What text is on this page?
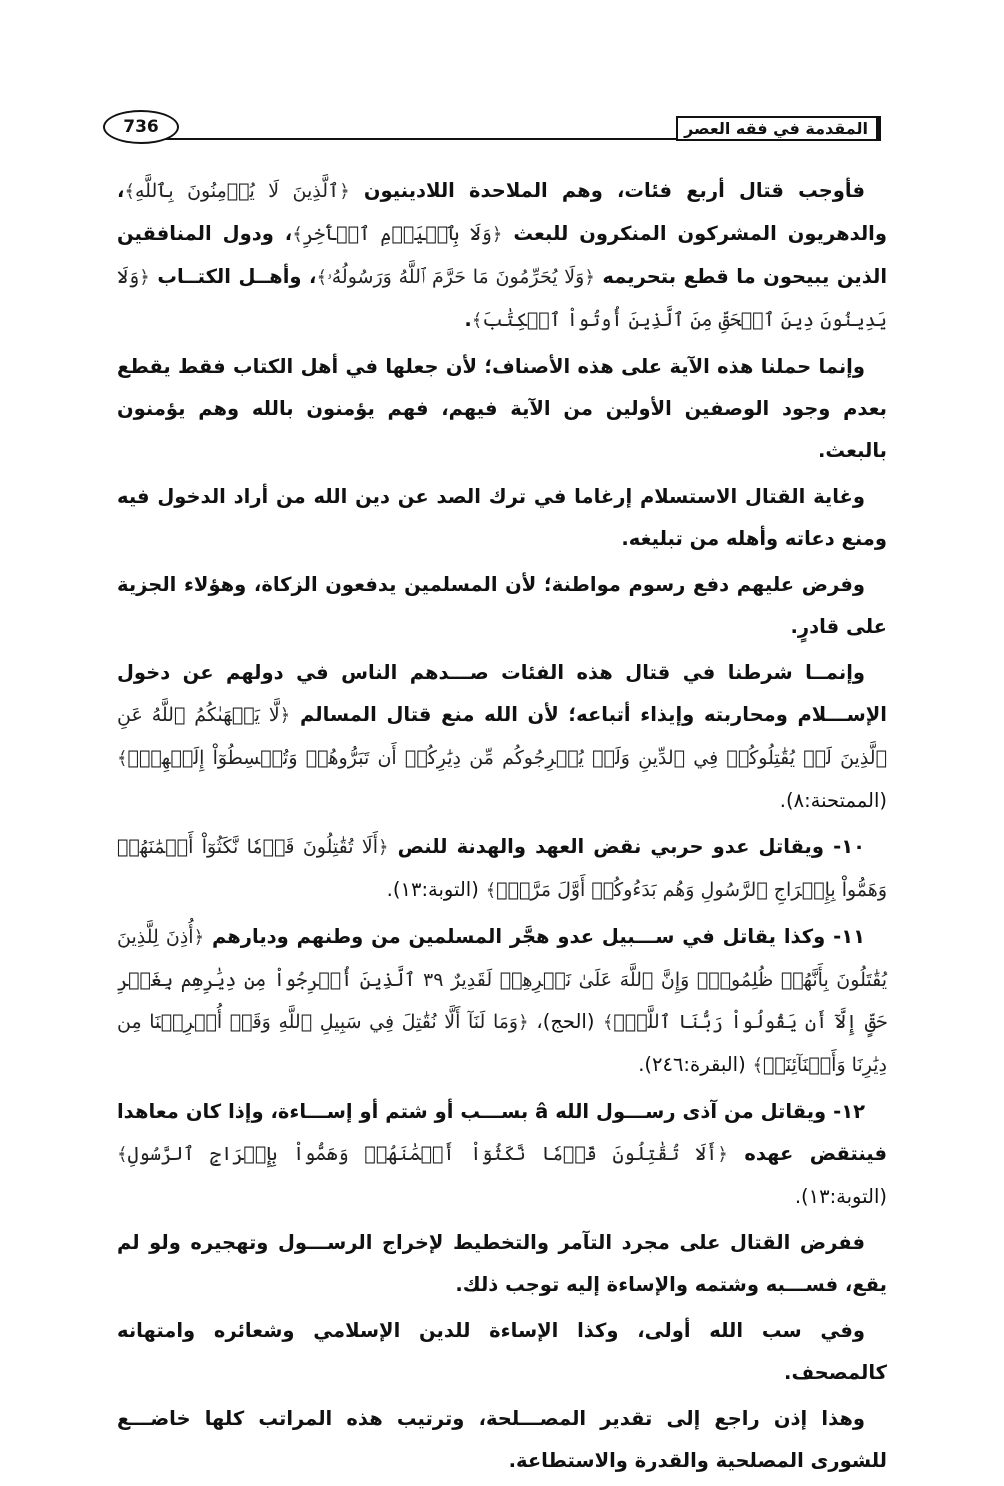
المقدمة في فقه العصر
736

فأوجب قتال أربع فئات، وهم الملاحدة اللادينيون ﴿ٱلَّذِينَ لَا يُؤۡمِنُونَ بِٱللَّهِ﴾، والدهريون المشركون المنكرون للبعث ﴿وَلَا بِٱلۡيَوۡمِ ٱلۡأٓخِرِ﴾، ودول المنافقين الذين يبيحون ما قطع بتحريمه ﴿وَلَا يُحَرِّمُونَ مَا حَرَّمَ ٱللَّهُ وَرَسُولُهُۥ﴾، وأهــل الكتــاب ﴿وَلَا يَدِينُونَ دِينَ ٱلۡحَقِّ مِنَ ٱلَّذِينَ أُوتُواْ ٱلۡكِتَٰبَ﴾.

وإنما حملنا هذه الآية على هذه الأصناف؛ لأن جعلها في أهل الكتاب فقط يقطع بعدم وجود الوصفين الأولين من الآية فيهم، فهم يؤمنون بالله وهم يؤمنون بالبعث.

وغاية القتال الاستسلام إرغاما في ترك الصد عن دين الله من أراد الدخول فيه ومنع دعاته وأهله من تبليغه.

وفرض عليهم دفع رسوم مواطنة؛ لأن المسلمين يدفعون الزكاة، وهؤلاء الجزية على قادرٍ.

وإنمــا شرطنا في قتال هذه الفئات صـــدهم الناس في دولهم عن دخول الإســـلام ومحاربته وإيذاء أتباعه؛ لأن الله منع قتال المسالم ﴿لَّا يَنۡهَىٰكُمُ ٱللَّهُ عَنِ ٱلَّذِينَ لَمۡ يُقَٰتِلُوكُمۡ فِي ٱلدِّينِ وَلَمۡ يُخۡرِجُوكُم مِّن دِيَٰرِكُمۡ أَن تَبَرُّوهُمۡ وَتُقۡسِطُوٓاْ إِلَيۡهِمۡۚ﴾ (الممتحنة:٨).

١٠- ويقاتل عدو حربي نقض العهد والهدنة للنص ﴿أَلَا تُقَٰتِلُونَ قَوۡمٗا نَّكَثُوٓاْ أَيۡمَٰنَهُمۡ وَهَمُّواْ بِإِخۡرَاجِ ٱلرَّسُولِ وَهُم بَدَءُوكُمۡ أَوَّلَ مَرَّةٍۚ﴾ (التوبة:١٣).

١١- وكذا يقاتل في ســـبيل عدو هجَّر المسلمين من وطنهم وديارهم ﴿أُذِنَ لِلَّذِينَ يُقَٰتَلُونَ بِأَنَّهُمۡ ظُلِمُواْۚ وَإِنَّ ٱللَّهَ عَلَىٰ نَصۡرِهِمۡ لَقَدِيرٌ ٣٩ ٱلَّذِينَ أُخۡرِجُواْ مِن دِيَٰرِهِم بِغَيۡرِ حَقٍّ إِلَّآ أَن يَقُولُواْ رَبُّنَا ٱللَّهُۗ﴾ (الحج)، ﴿وَمَا لَنَآ أَلَّا نُقَٰتِلَ فِي سَبِيلِ ٱللَّهِ وَقَدۡ أُخۡرِجۡنَا مِن دِيَٰرِنَا وَأَبۡنَآئِنَاۖ﴾ (البقرة:٢٤٦).

١٢- ويقاتل من آذى رســـول الله â بســـب أو شتم أو إســـاءة، وإذا كان معاهدا فينتقض عهده ﴿أَلَا تُقَٰتِلُونَ قَوۡمٗا نَّكَثُوٓاْ أَيۡمَٰنَهُمۡ وَهَمُّواْ بِإِخۡرَاجِ ٱلرَّسُولِ﴾ (التوبة:١٣).

ففرض القتال على مجرد التآمر والتخطيط لإخراج الرســـول وتهجيره ولو لم يقع، فســـبه وشتمه والإساءة إليه توجب ذلك.

وفي سب الله أولى، وكذا الإساءة للدين الإسلامي وشعائره وامتهانه كالمصحف.

وهذا إذن راجع إلى تقدير المصـــلحة، وترتيب هذه المراتب كلها خاضـــع للشورى المصلحية والقدرة والاستطاعة.
